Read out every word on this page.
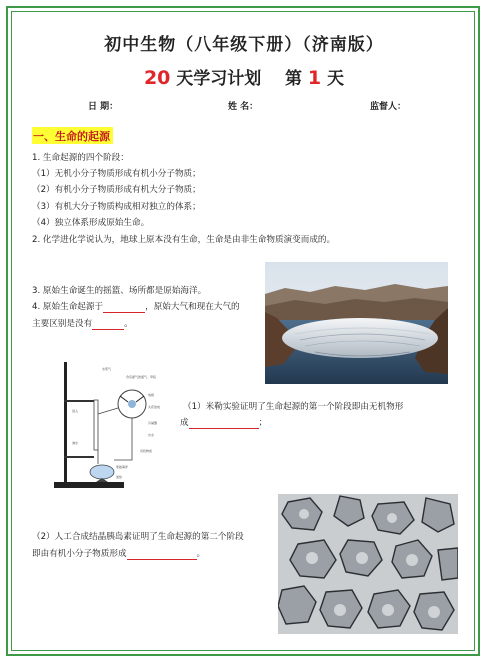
初中生物（八年级下册）（济南版）
20 天学习计划    第 1 天
日 期：	姓 名：	监督人：
一、生命的起源
1. 生命起源的四个阶段：
（1）无机小分子物质形成有机小分子物质；
（2）有机小分子物质形成有机大分子物质；
（3）有机大分子物质构成相对独立的体系；
（4）独立体系形成原始生命。
2. 化学进化学说认为，地球上原本没有生命，生命是由非生命物质演变而成的。
3. 原始生命诞生的摇篮、场所都是原始海洋。
4. 原始生命起源于	，原始大气和现在大气的
主要区别是没有	。
水蒸气
含有氨气的氢气、甲烷
电极
火花放电
冷凝器
进入
出水
沸水
有机物质
原始海洋
加热
（1）米勒实验证明了生命起源的第一个阶段即由无机物形
成	；
（2）人工合成结晶胰岛素证明了生命起源的第二个阶段
即由有机小分子物质形成	。
